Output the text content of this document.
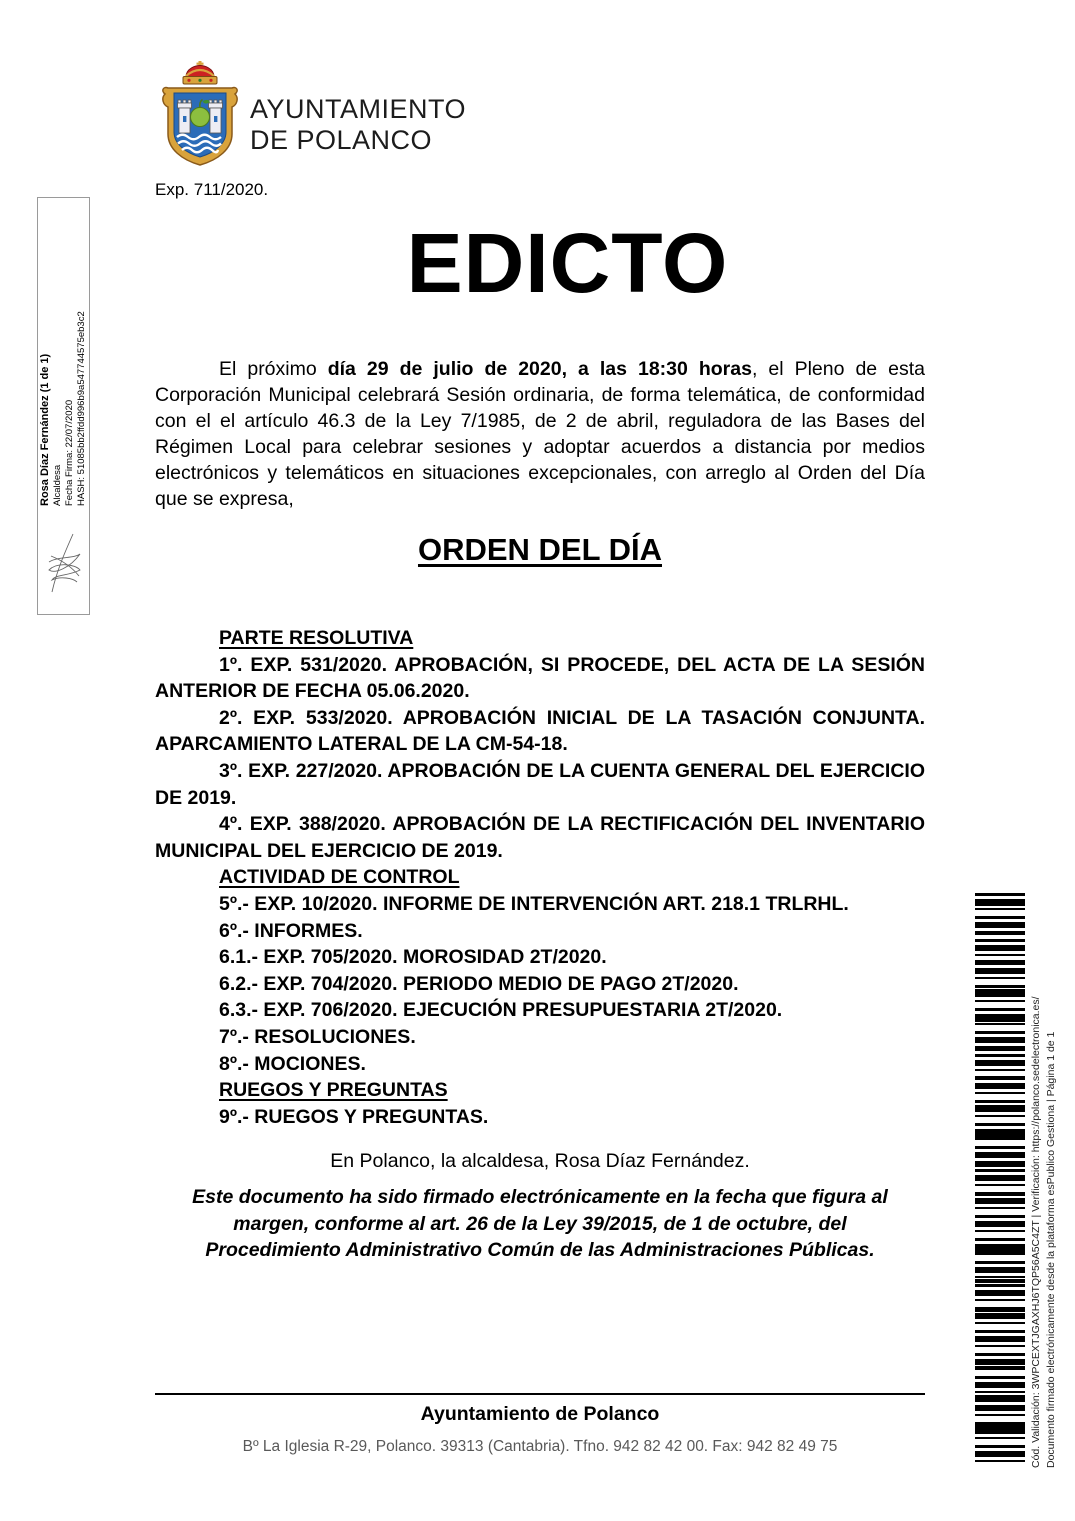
AYUNTAMIENTO
DE POLANCO
Exp. 711/2020.
EDICTO

El próximo día 29 de julio de 2020, a las 18:30 horas, el Pleno de esta Corporación Municipal celebrará Sesión ordinaria, de forma telemática, de conformidad con el el artículo 46.3 de la Ley 7/1985, de 2 de abril, reguladora de las Bases del Régimen Local para celebrar sesiones y adoptar acuerdos a distancia por medios electrónicos y telemáticos en situaciones excepcionales, con arreglo al Orden del Día que se expresa,

ORDEN DEL DÍA
PARTE RESOLUTIVA
1º. EXP. 531/2020. APROBACIÓN, SI PROCEDE, DEL ACTA DE LA SESIÓN ANTERIOR DE FECHA 05.06.2020.
2º. EXP. 533/2020. APROBACIÓN INICIAL DE LA TASACIÓN CONJUNTA. APARCAMIENTO LATERAL DE LA CM-54-18.
3º. EXP. 227/2020. APROBACIÓN DE LA CUENTA GENERAL DEL EJERCICIO DE 2019.
4º. EXP. 388/2020. APROBACIÓN DE LA RECTIFICACIÓN DEL INVENTARIO MUNICIPAL DEL EJERCICIO DE 2019.
ACTIVIDAD DE CONTROL
5º.- EXP. 10/2020. INFORME DE INTERVENCIÓN ART. 218.1 TRLRHL.
6º.- INFORMES.
6.1.- EXP. 705/2020. MOROSIDAD 2T/2020.
6.2.- EXP. 704/2020. PERIODO MEDIO DE PAGO 2T/2020.
6.3.- EXP. 706/2020. EJECUCIÓN PRESUPUESTARIA 2T/2020.
7º.- RESOLUCIONES.
8º.- MOCIONES.
RUEGOS Y PREGUNTAS
9º.- RUEGOS Y PREGUNTAS.
En Polanco, la alcaldesa, Rosa Díaz Fernández.
Este documento ha sido firmado electrónicamente en la fecha que figura al
margen, conforme al art. 26 de la Ley 39/2015, de 1 de octubre, del
Procedimiento Administrativo Común de las Administraciones Públicas.
Ayuntamiento de Polanco
Bº La Iglesia R-29, Polanco. 39313 (Cantabria). Tfno. 942 82 42 00. Fax: 942 82 49 75
Rosa Díaz Fernández (1 de 1) Alcaldesa Fecha Firma: 22/07/2020 HASH: 51085bb2ffdd996b9a547744575eb3c2
Cód. Validación: 3WPCEXTJGAXHJ6TQP56A5C4ZT | Verificación: https://polanco.sedelectronica.es/ Documento firmado electrónicamente desde la plataforma esPublico Gestiona | Página 1 de 1
